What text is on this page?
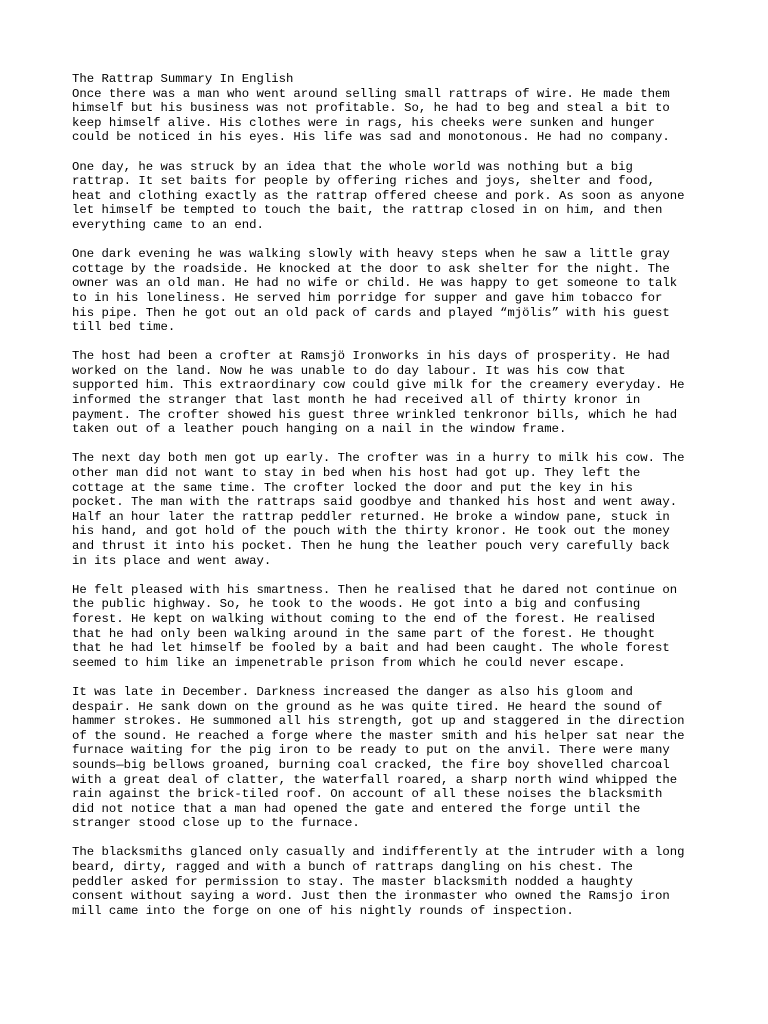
The Rattrap Summary In English

Once there was a man who went around selling small rattraps of wire. He made them
himself but his business was not profitable. So, he had to beg and steal a bit to
keep himself alive. His clothes were in rags, his cheeks were sunken and hunger
could be noticed in his eyes. His life was sad and monotonous. He had no company.

One day, he was struck by an idea that the whole world was nothing but a big
rattrap. It set baits for people by offering riches and joys, shelter and food,
heat and clothing exactly as the rattrap offered cheese and pork. As soon as anyone
let himself be tempted to touch the bait, the rattrap closed in on him, and then
everything came to an end.

One dark evening he was walking slowly with heavy steps when he saw a little gray
cottage by the roadside. He knocked at the door to ask shelter for the night. The
owner was an old man. He had no wife or child. He was happy to get someone to talk
to in his loneliness. He served him porridge for supper and gave him tobacco for
his pipe. Then he got out an old pack of cards and played “mjölis” with his guest
till bed time.

The host had been a crofter at Ramsjö Ironworks in his days of prosperity. He had
worked on the land. Now he was unable to do day labour. It was his cow that
supported him. This extraordinary cow could give milk for the creamery everyday. He
informed the stranger that last month he had received all of thirty kronor in
payment. The crofter showed his guest three wrinkled tenkronor bills, which he had
taken out of a leather pouch hanging on a nail in the window frame.

The next day both men got up early. The crofter was in a hurry to milk his cow. The
other man did not want to stay in bed when his host had got up. They left the
cottage at the same time. The crofter locked the door and put the key in his
pocket. The man with the rattraps said goodbye and thanked his host and went away.
Half an hour later the rattrap peddler returned. He broke a window pane, stuck in
his hand, and got hold of the pouch with the thirty kronor. He took out the money
and thrust it into his pocket. Then he hung the leather pouch very carefully back
in its place and went away.

He felt pleased with his smartness. Then he realised that he dared not continue on
the public highway. So, he took to the woods. He got into a big and confusing
forest. He kept on walking without coming to the end of the forest. He realised
that he had only been walking around in the same part of the forest. He thought
that he had let himself be fooled by a bait and had been caught. The whole forest
seemed to him like an impenetrable prison from which he could never escape.

It was late in December. Darkness increased the danger as also his gloom and
despair. He sank down on the ground as he was quite tired. He heard the sound of
hammer strokes. He summoned all his strength, got up and staggered in the direction
of the sound. He reached a forge where the master smith and his helper sat near the
furnace waiting for the pig iron to be ready to put on the anvil. There were many
sounds—big bellows groaned, burning coal cracked, the fire boy shovelled charcoal
with a great deal of clatter, the waterfall roared, a sharp north wind whipped the
rain against the brick-tiled roof. On account of all these noises the blacksmith
did not notice that a man had opened the gate and entered the forge until the
stranger stood close up to the furnace.

The blacksmiths glanced only casually and indifferently at the intruder with a long
beard, dirty, ragged and with a bunch of rattraps dangling on his chest. The
peddler asked for permission to stay. The master blacksmith nodded a haughty
consent without saying a word. Just then the ironmaster who owned the Ramsjo iron
mill came into the forge on one of his nightly rounds of inspection.
